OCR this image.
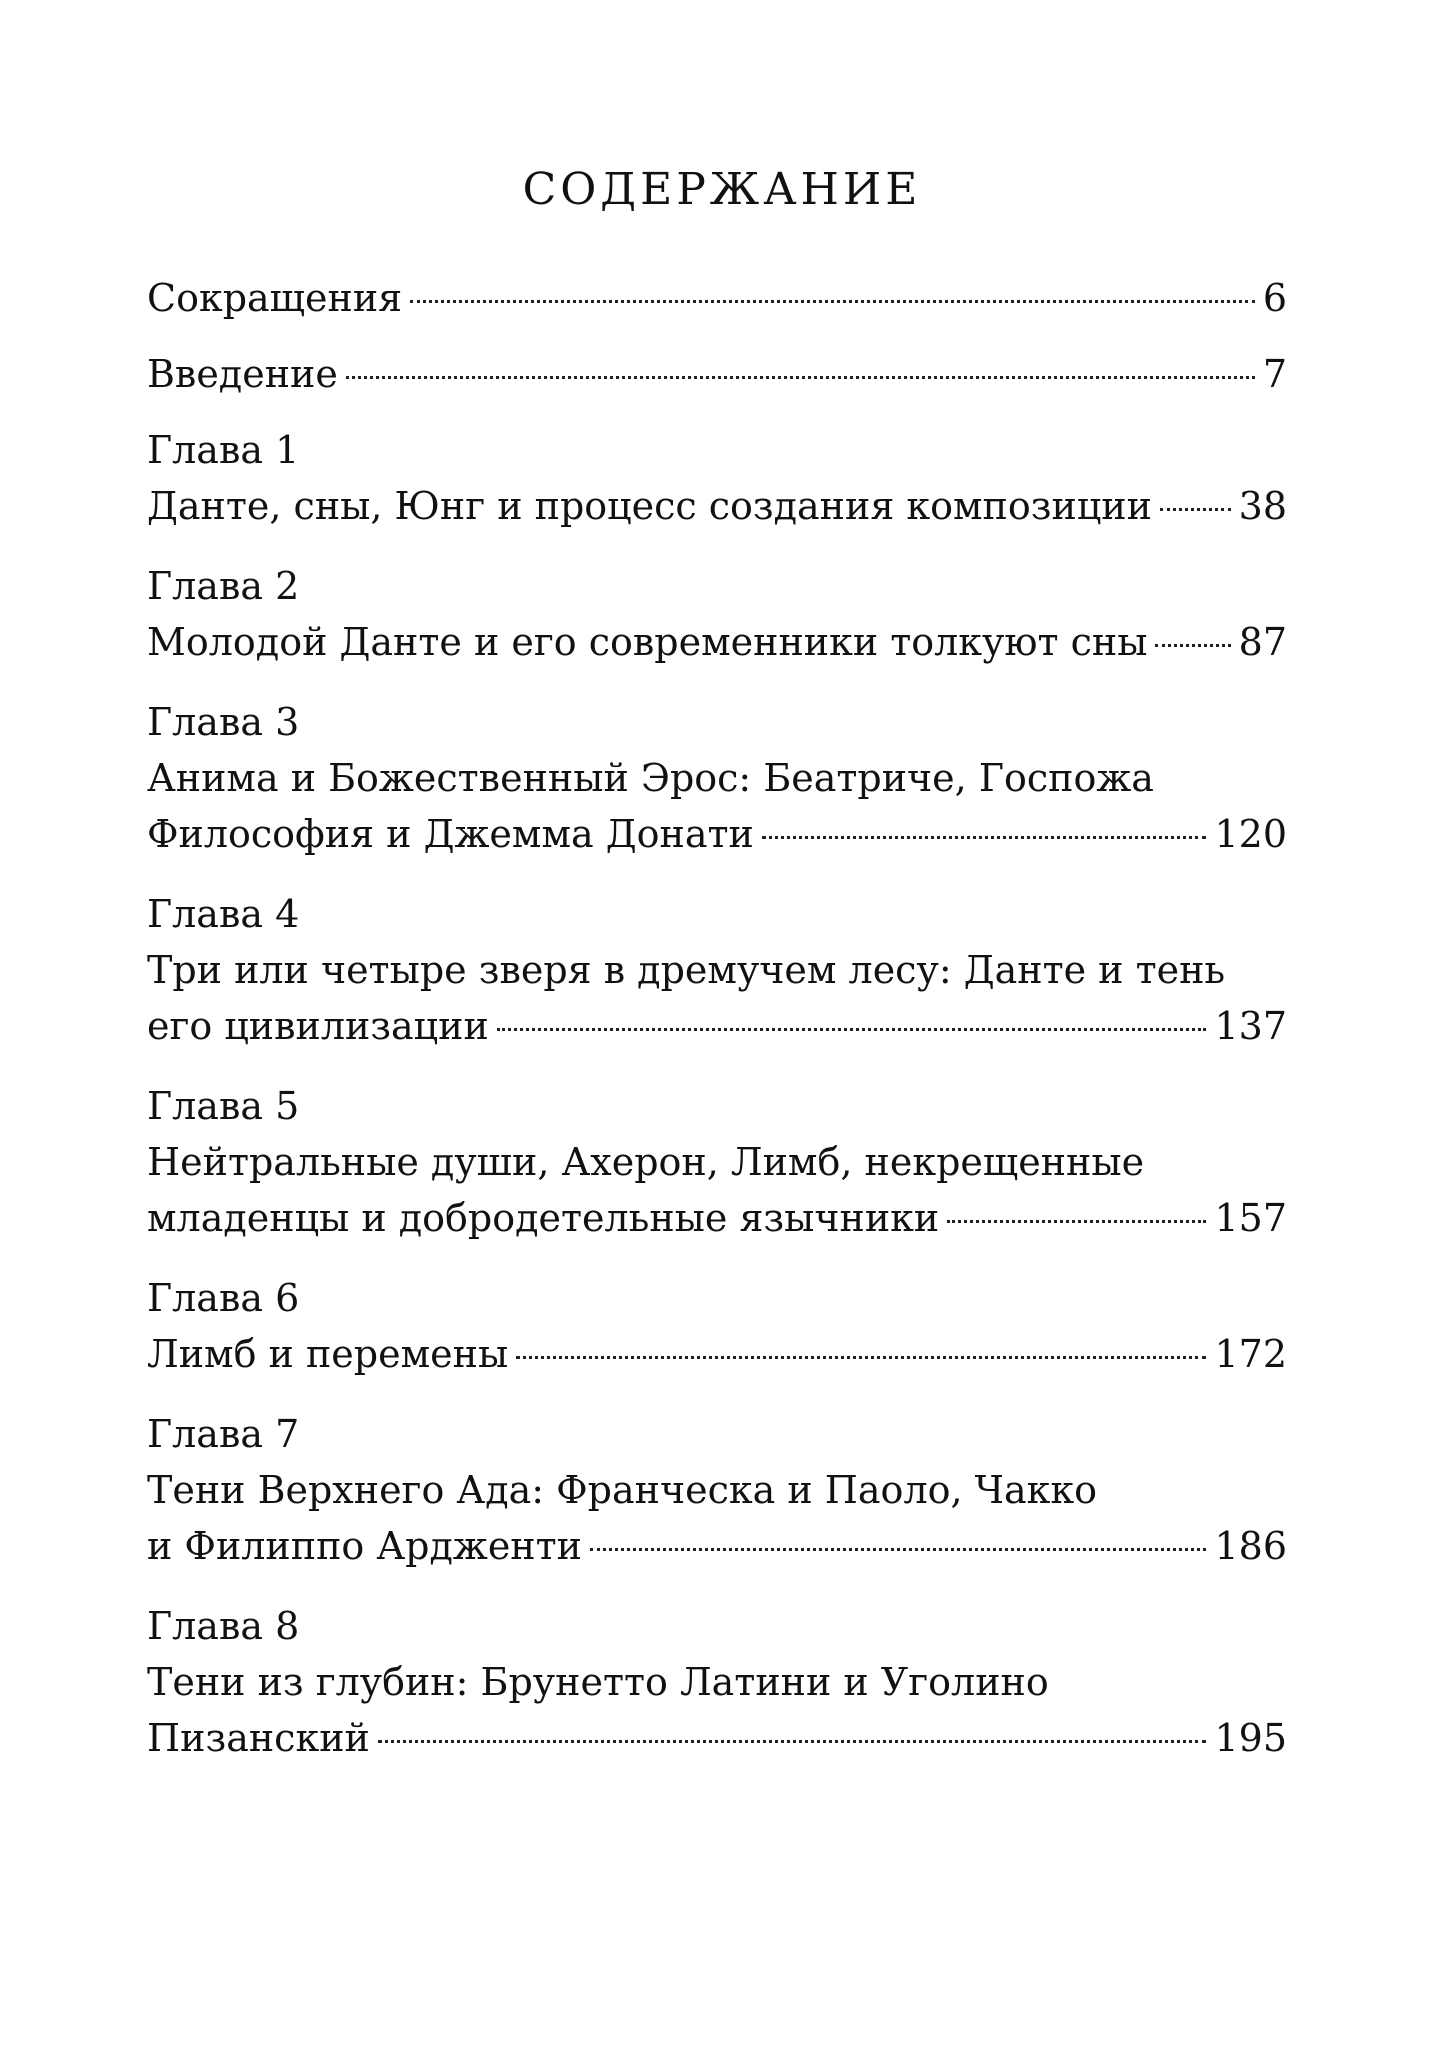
СОДЕРЖАНИЕ
Сокращения	6
Введение	7
Глава 1
Данте, сны, Юнг и процесс создания композиции 38
Глава 2
Молодой Данте и его современники толкуют сны 87
Глава 3
Анима и Божественный Эрос: Беатриче, Госпожа
Философия и Джемма Донати	120
Глава 4
Три или четыре зверя в дремучем лесу: Данте и тень
его цивилизации	137
Глава 5
Нейтральные души, Ахерон, Лимб, некрещенные
младенцы и добродетельные язычники	157
Глава 6
Лимб и перемены	172
Глава 7
Тени Верхнего Ада: Франческа и Паоло, Чакко
и Филиппо Ардженти	186
Глава 8
Тени из глубин: Брунетто Латини и Уголино
Пизанский	195
